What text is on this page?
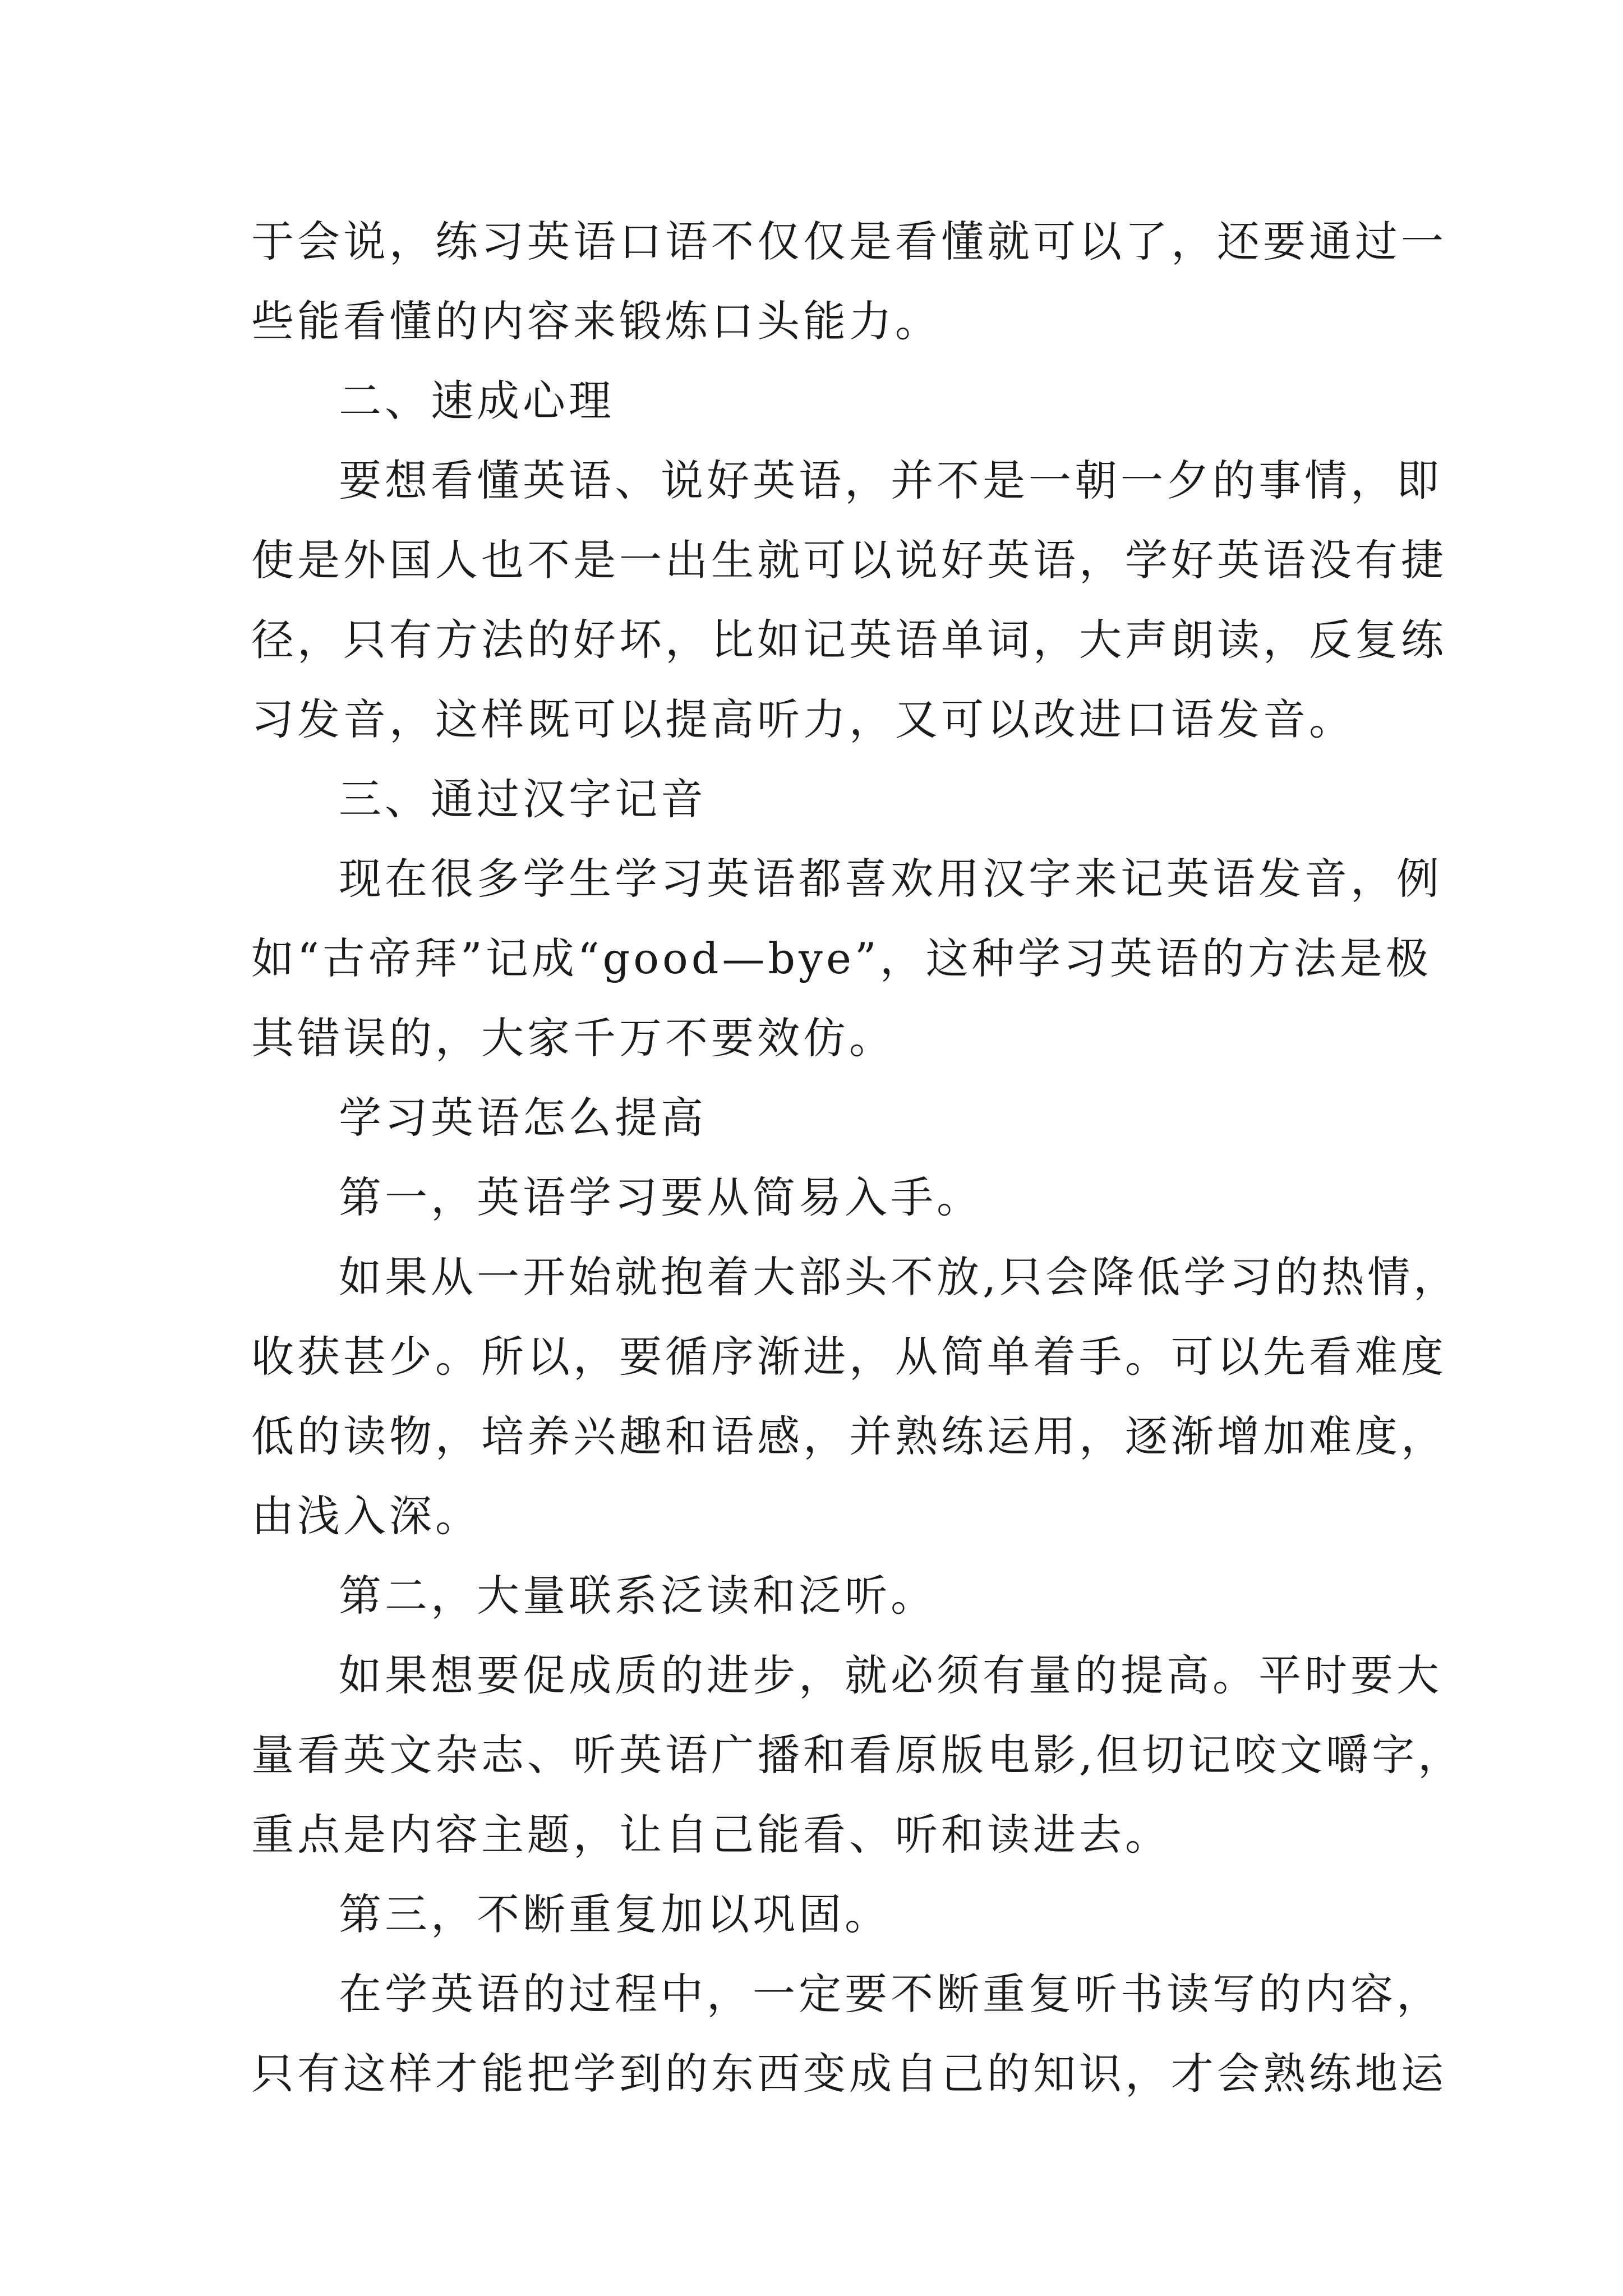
于会说，练习英语口语不仅仅是看懂就可以了，还要通过一
些能看懂的内容来锻炼口头能力。
二、速成心理
要想看懂英语、说好英语，并不是一朝一夕的事情，即
使是外国人也不是一出生就可以说好英语，学好英语没有捷
径，只有方法的好坏，比如记英语单词，大声朗读，反复练
习发音，这样既可以提高听力，又可以改进口语发音。
三、通过汉字记音
现在很多学生学习英语都喜欢用汉字来记英语发音，例
如“古帝拜”记成“good—bye”，这种学习英语的方法是极
其错误的，大家千万不要效仿。
学习英语怎么提高
第一，英语学习要从简易入手。
如果从一开始就抱着大部头不放,只会降低学习的热情，
收获甚少。所以，要循序渐进，从简单着手。可以先看难度
低的读物，培养兴趣和语感，并熟练运用，逐渐增加难度，
由浅入深。
第二，大量联系泛读和泛听。
如果想要促成质的进步，就必须有量的提高。平时要大
量看英文杂志、听英语广播和看原版电影,但切记咬文嚼字，
重点是内容主题，让自己能看、听和读进去。
第三，不断重复加以巩固。
在学英语的过程中，一定要不断重复听书读写的内容，
只有这样才能把学到的东西变成自己的知识，才会熟练地运
